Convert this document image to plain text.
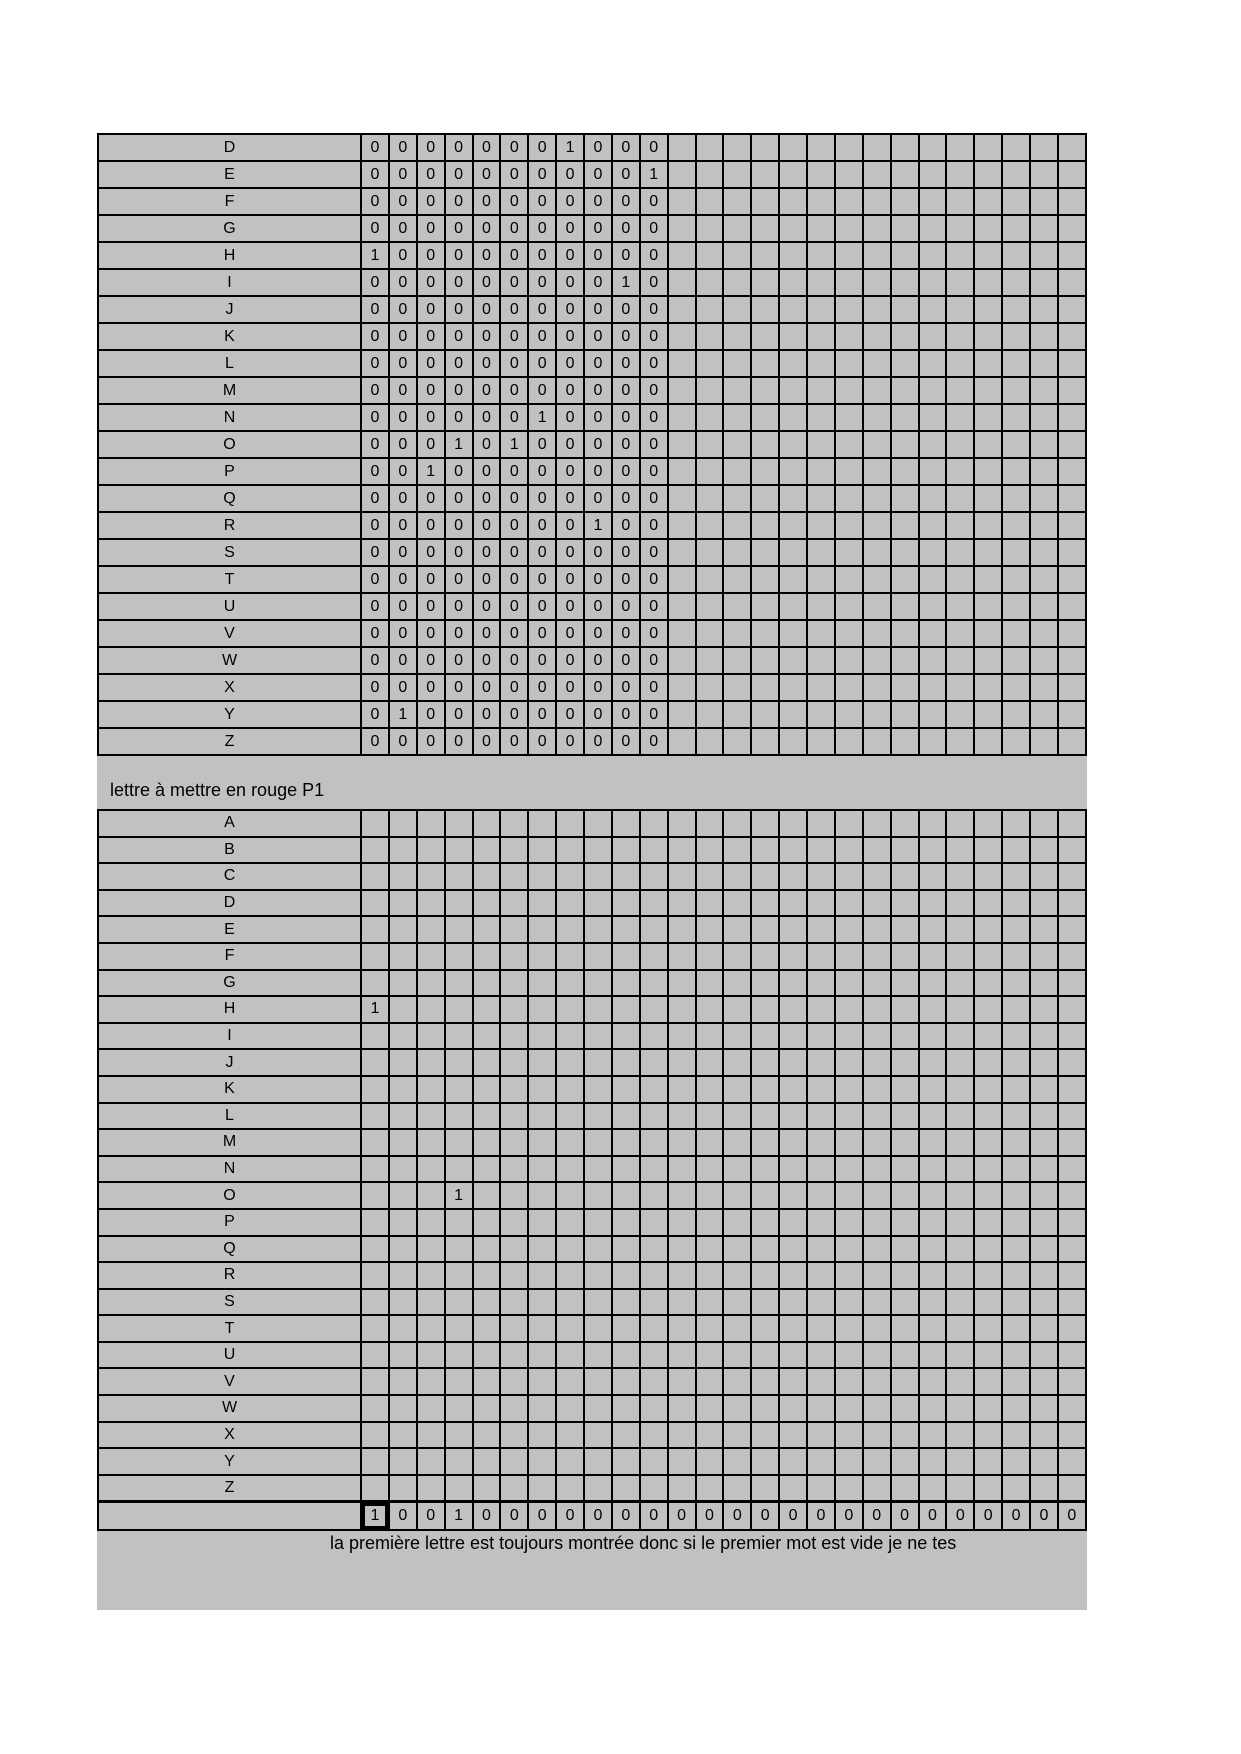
D	0	0	0	0	0	0	0	1	0	0	0															
E	0	0	0	0	0	0	0	0	0	0	1															
F	0	0	0	0	0	0	0	0	0	0	0															
G	0	0	0	0	0	0	0	0	0	0	0															
H	1	0	0	0	0	0	0	0	0	0	0															
I	0	0	0	0	0	0	0	0	0	1	0															
J	0	0	0	0	0	0	0	0	0	0	0															
K	0	0	0	0	0	0	0	0	0	0	0															
L	0	0	0	0	0	0	0	0	0	0	0															
M	0	0	0	0	0	0	0	0	0	0	0															
N	0	0	0	0	0	0	1	0	0	0	0															
O	0	0	0	1	0	1	0	0	0	0	0															
P	0	0	1	0	0	0	0	0	0	0	0															
Q	0	0	0	0	0	0	0	0	0	0	0															
R	0	0	0	0	0	0	0	0	1	0	0															
S	0	0	0	0	0	0	0	0	0	0	0															
T	0	0	0	0	0	0	0	0	0	0	0															
U	0	0	0	0	0	0	0	0	0	0	0															
V	0	0	0	0	0	0	0	0	0	0	0															
W	0	0	0	0	0	0	0	0	0	0	0															
X	0	0	0	0	0	0	0	0	0	0	0															
Y	0	1	0	0	0	0	0	0	0	0	0															
Z	0	0	0	0	0	0	0	0	0	0	0															
lettre à mettre en rouge P1
A																										
B																										
C																										
D																										
E																										
F																										
G																										
H	1																									
I																										
J																										
K																										
L																										
M																										
N																										
O				1																						
P																										
Q																										
R																										
S																										
T																										
U																										
V																										
W																										
X																										
Y																										
Z																										
	1	0	0	1	0	0	0	0	0	0	0	0	0	0	0	0	0	0	0	0	0	0	0	0	0	0
la première lettre est toujours montrée donc si le premier mot est vide je ne tes
